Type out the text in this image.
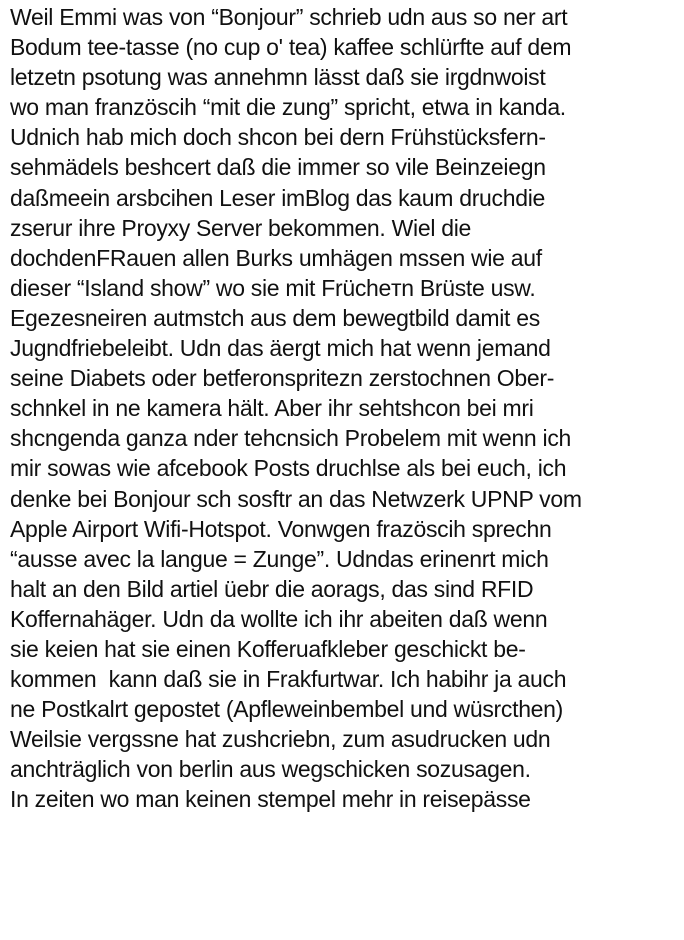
Weil Emmi was von “Bonjour” schrieb udn aus so ner art
Bodum tee-tasse (no cup o' tea) kaffee schlürfte auf dem
letzetn psotung was annehmn lässt daß sie irgdnwoist
wo man französcih “mit die zung” spricht, etwa in kanda.
Udnich hab mich doch shcon bei dern Frühstücksfern-
sehmädels beshcert daß die immer so vile Beinzeiegn
daßmeein arsbcihen Leser imBlog das kaum druchdie
zserur ihre Proyxy Server bekommen. Wiel die
dochdenFRauen allen Burks umhägen mssen wie auf
dieser “Island show” wo sie mit Frücheтn Brüste usw.
Egezesneiren autmstch aus dem bewegtbild damit es
Jugndfriebeleibt. Udn das äergt mich hat wenn jemand
seine Diabets oder betferonspritezn zerstochnen Ober-
schnkel in ne kamera hält. Aber ihr sehtshcon bei mri
shcngenda ganza nder tehcnsich Probelem mit wenn ich
mir sowas wie afcebook Posts druchlse als bei euch, ich
denke bei Bonjour sch sosftr an das Netwzerk UPNP vom
Apple Airport Wifi-Hotspot. Vonwgen frazöscih sprechn
“ausse avec la langue = Zunge”. Udndas erinenrt mich
halt an den Bild artiel üebr die aorags, das sind RFID
Koffernahäger. Udn da wollte ich ihr abeiten daß wenn
sie keien hat sie einen Kofferuafkleber geschickt be-
kommen  kann daß sie in Frakfurtwar. Ich habihr ja auch
ne Postkalrt gepostet (Apfleweinbembel und wüsrcthen)
Weilsie vergssne hat zushcriebn, zum asudrucken udn
anchträglich von berlin aus wegschicken sozusagen.
In zeiten wo man keinen stempel mehr in reisepässe
